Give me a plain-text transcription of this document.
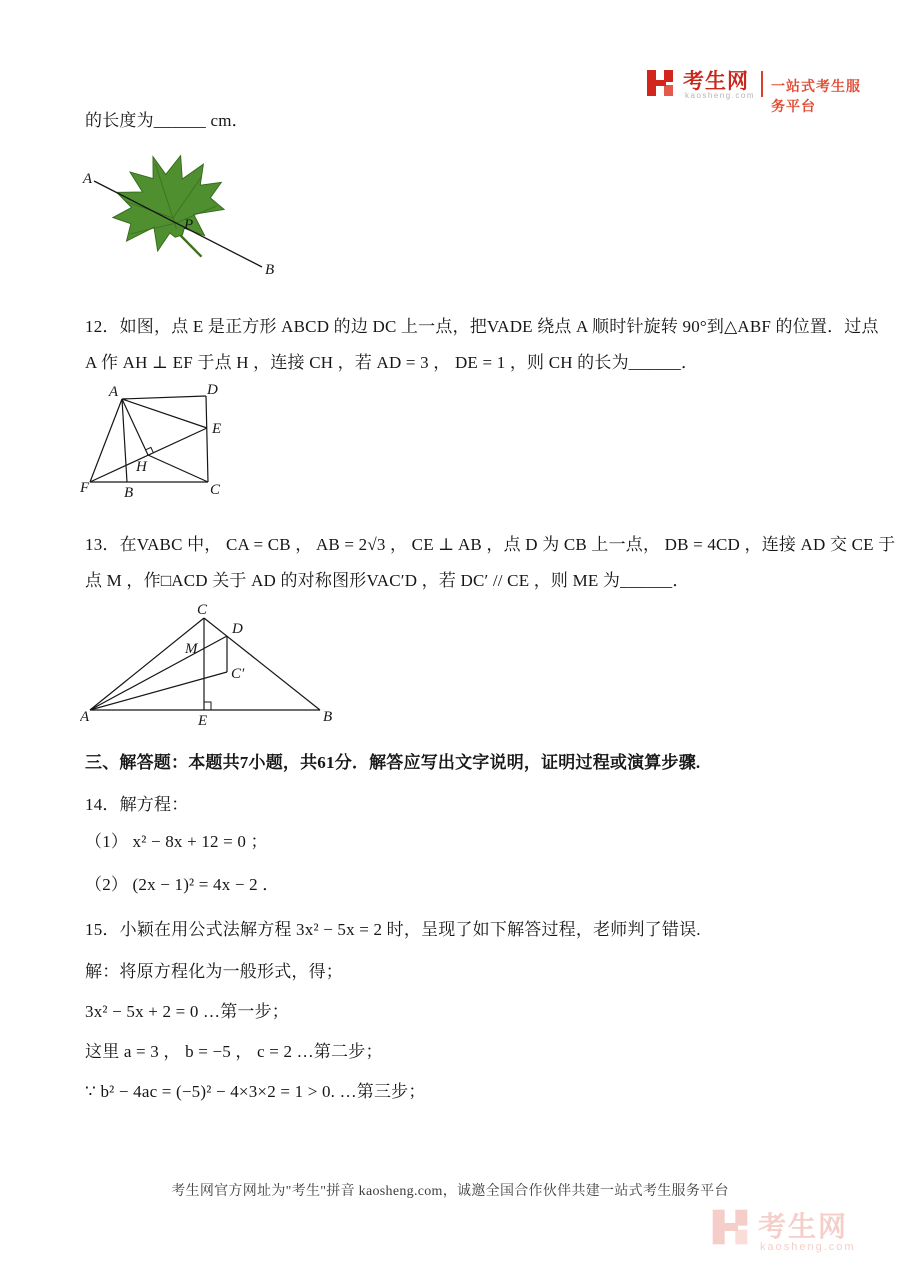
考生网
kaosheng.com
一站式考生服务平台
的长度为______ cm．
A
P
B
12．如图，点 E 是正方形 ABCD 的边 DC 上一点，把VADE 绕点 A 顺时针旋转 90°到△ABF 的位置．过点
A 作 AH ⊥ EF 于点 H ，连接 CH ，若 AD = 3 ， DE = 1 ，则 CH 的长为______．
A	D
E
C
B
F
H
13．在VABC 中， CA = CB ， AB = 2√3 ， CE ⊥ AB ，点 D 为 CB 上一点， DB = 4CD ，连接 AD 交 CE 于
点 M ，作□ACD 关于 AD 的对称图形VAC′D ，若 DC′ // CE ，则 ME 为______．
A	B
C
D
M
C′
E
三、解答题：本题共7小题，共61分．解答应写出文字说明，证明过程或演算步骤.
14．解方程：
（1） x² − 8x + 12 = 0 ；
（2） (2x − 1)² = 4x − 2 ．
15．小颖在用公式法解方程 3x² − 5x = 2 时，呈现了如下解答过程，老师判了错误.
解：将原方程化为一般形式，得；
3x² − 5x + 2 = 0 …第一步；
这里 a = 3 ， b = −5 ， c = 2 …第二步；
∵ b² − 4ac = (−5)² − 4×3×2 = 1 > 0. …第三步；
考生网官方网址为"考生"拼音 kaosheng.com，诚邀全国合作伙伴共建一站式考生服务平台
考生网
kaosheng.com
